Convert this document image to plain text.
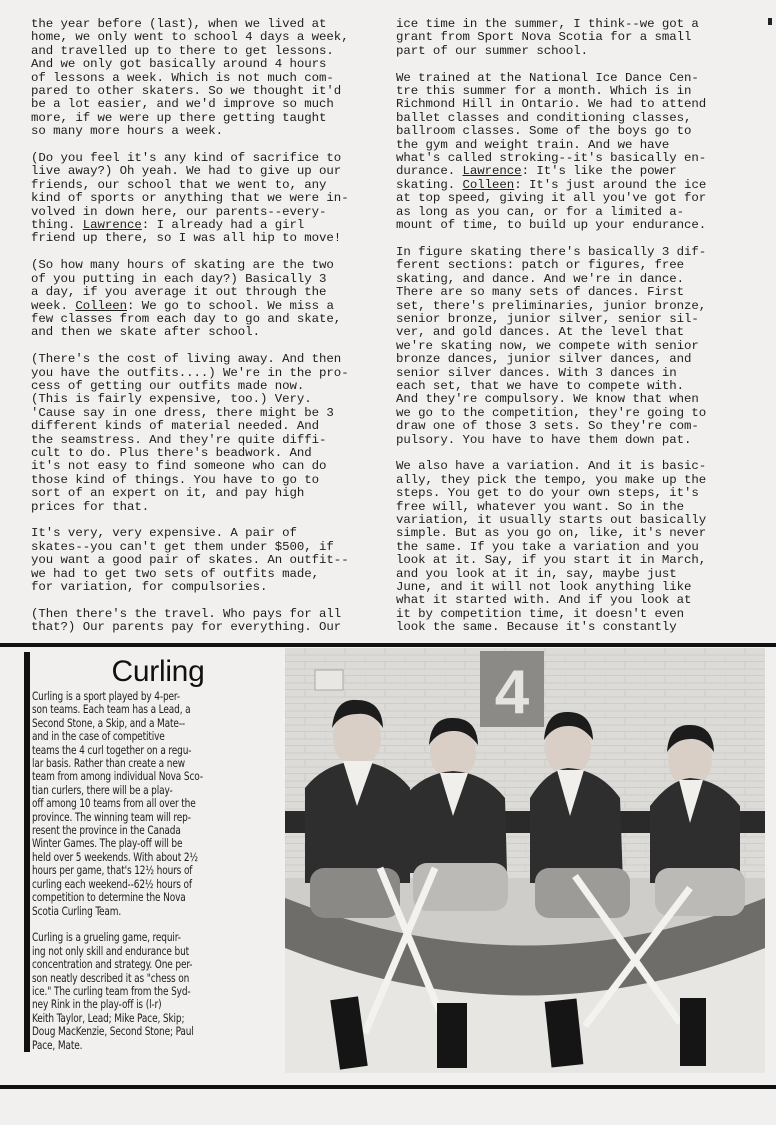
the year before (last), when we lived at
home, we only went to school 4 days a week,
and travelled up to there to get lessons.
And we only got basically around 4 hours
of lessons a week. Which is not much com-
pared to other skaters. So we thought it'd
be a lot easier, and we'd improve so much
more, if we were up there getting taught
so many more hours a week.

(Do you feel it's any kind of sacrifice to
live away?) Oh yeah. We had to give up our
friends, our school that we went to, any
kind of sports or anything that we were in-
volved in down here, our parents--every-
thing. Lawrence: I already had a girl
friend up there, so I was all hip to move!

(So how many hours of skating are the two
of you putting in each day?) Basically 3
a day, if you average it out through the
week. Colleen: We go to school. We miss a
few classes from each day to go and skate,
and then we skate after school.

(There's the cost of living away. And then
you have the outfits....) We're in the pro-
cess of getting our outfits made now.
(This is fairly expensive, too.) Very.
'Cause say in one dress, there might be 3
different kinds of material needed. And
the seamstress. And they're quite diffi-
cult to do. Plus there's beadwork. And
it's not easy to find someone who can do
those kind of things. You have to go to
sort of an expert on it, and pay high
prices for that.

It's very, very expensive. A pair of
skates--you can't get them under $500, if
you want a good pair of skates. An outfit--
we had to get two sets of outfits made,
for variation, for compulsories.

(Then there's the travel. Who pays for all
that?) Our parents pay for everything. Our

ice time in the summer, I think--we got a
grant from Sport Nova Scotia for a small
part of our summer school.

We trained at the National Ice Dance Cen-
tre this summer for a month. Which is in
Richmond Hill in Ontario. We had to attend
ballet classes and conditioning classes,
ballroom classes. Some of the boys go to
the gym and weight train. And we have
what's called stroking--it's basically en-
durance. Lawrence: It's like the power
skating. Colleen: It's just around the ice
at top speed, giving it all you've got for
as long as you can, or for a limited a-
mount of time, to build up your endurance.

In figure skating there's basically 3 dif-
ferent sections: patch or figures, free
skating, and dance. And we're in dance.
There are so many sets of dances. First
set, there's preliminaries, junior bronze,
senior bronze, junior silver, senior sil-
ver, and gold dances. At the level that
we're skating now, we compete with senior
bronze dances, junior silver dances, and
senior silver dances. With 3 dances in
each set, that we have to compete with.
And they're compulsory. We know that when
we go to the competition, they're going to
draw one of those 3 sets. So they're com-
pulsory. You have to have them down pat.

We also have a variation. And it is basic-
ally, they pick the tempo, you make up the
steps. You get to do your own steps, it's
free will, whatever you want. So in the
variation, it usually starts out basically
simple. But as you go on, like, it's never
the same. If you take a variation and you
look at it. Say, if you start it in March,
and you look at it in, say, maybe just
June, and it will not look anything like
what it started with. And if you look at
it by competition time, it doesn't even
look the same. Because it's constantly

Curling

Curling is a sport played by 4-per-
son teams. Each team has a Lead, a
Second Stone, a Skip, and a Mate--
and in the case of competitive
teams the 4 curl together on a regu-
lar basis. Rather than create a new
team from among individual Nova Sco-
tian curlers, there will be a play-
off among 10 teams from all over the
province. The winning team will rep-
resent the province in the Canada
Winter Games. The play-off will be
held over 5 weekends. With about 2½
hours per game, that's 12½ hours of
curling each weekend--62½ hours of
competition to determine the Nova
Scotia Curling Team.

Curling is a grueling game, requir-
ing not only skill and endurance but
concentration and strategy. One per-
son neatly described it as "chess on
ice." The curling team from the Syd-
ney Rink in the play-off is (l-r)
Keith Taylor, Lead; Mike Pace, Skip;
Doug MacKenzie, Second Stone; Paul
Pace, Mate.

4
